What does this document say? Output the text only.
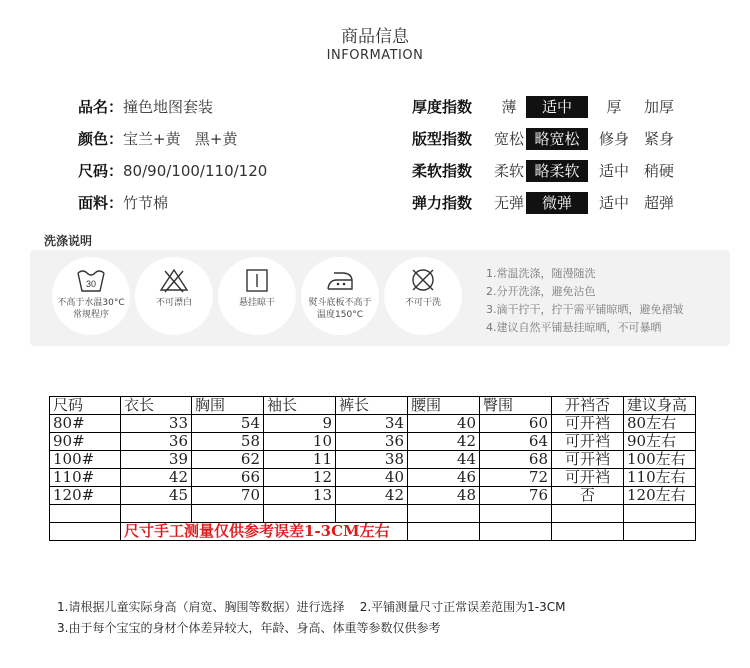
商品信息
INFORMATION
品名：撞色地图套装
颜色：宝兰+黄   黑+黄
尺码：80/90/100/110/120
面料：竹节棉
厚度指数	薄	适中	厚	加厚
版型指数	宽松 略宽松	修身 紧身
柔软指数	柔软 略柔软	适中 稍硬
弹力指数	无弹	微弹	适中 超弹
洗涤说明
30
不高于水温30°C
常规程序
不可漂白	悬挂晾干	熨斗底板不高于
温度150°C
不可干洗
1.常温洗涤，随漫随洗
2.分开洗涤，避免沾色
3.滴干拧干，拧干需平铺晾晒，避免褶皱
4.建议自然平铺悬挂晾晒，不可暴晒
尺码	衣长	胸围	袖长	裤长	腰围	臀围	开裆否	建议身高
80#	33	54	9	34	40	60	可开裆	80左右
90#	36	58	10	36	42	64	可开裆	90左右
100#	39	62	11	38	44	68	可开裆	100左右
110#	42	66	12	40	46	72	可开裆	110左右
120#	45	70	13	42	48	76	否	120左右

	尺寸手工测量仅供参考误差1-3CM左右							
1.请根据儿童实际身高（肩宽、胸围等数据）进行选择    2.平铺测量尺寸正常误差范围为1-3CM
3.由于每个宝宝的身材个体差异较大，年龄、身高、体重等参数仅供参考
